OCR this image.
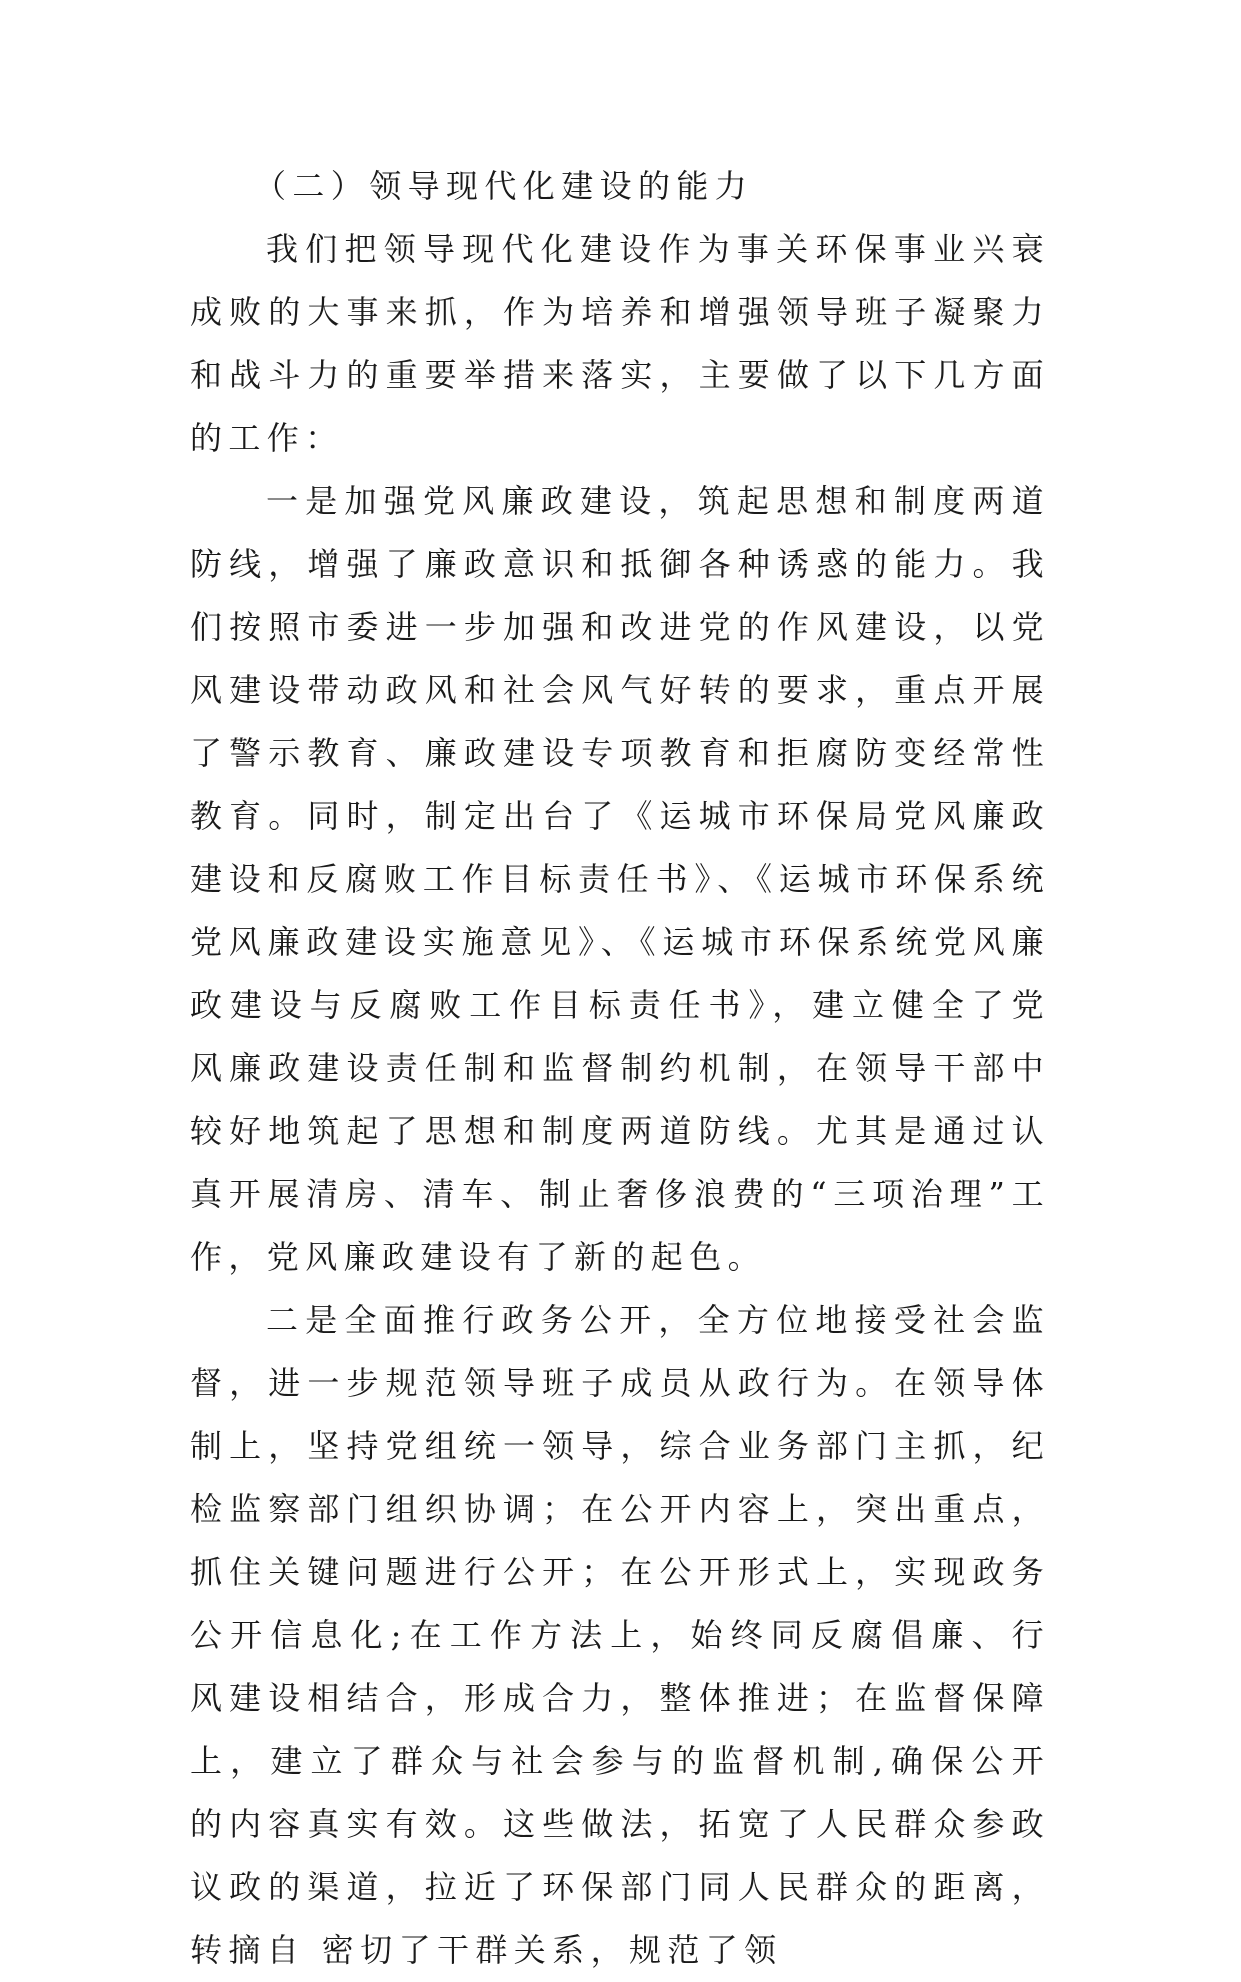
（二）领导现代化建设的能力

我们把领导现代化建设作为事关环保事业兴衰成败的大事来抓，作为培养和增强领导班子凝聚力和战斗力的重要举措来落实，主要做了以下几方面的工作：

一是加强党风廉政建设，筑起思想和制度两道防线，增强了廉政意识和抵御各种诱惑的能力。我们按照市委进一步加强和改进党的作风建设，以党风建设带动政风和社会风气好转的要求，重点开展了警示教育、廉政建设专项教育和拒腐防变经常性教育。同时，制定出台了《运城市环保局党风廉政建设和反腐败工作目标责任书》、《运城市环保系统党风廉政建设实施意见》、《运城市环保系统党风廉政建设与反腐败工作目标责任书》，建立健全了党风廉政建设责任制和监督制约机制，在领导干部中较好地筑起了思想和制度两道防线。尤其是通过认真开展清房、清车、制止奢侈浪费的“三项治理”工作，党风廉政建设有了新的起色。

二是全面推行政务公开，全方位地接受社会监督，进一步规范领导班子成员从政行为。在领导体制上，坚持党组统一领导，综合业务部门主抓，纪检监察部门组织协调；在公开内容上，突出重点，抓住关键问题进行公开；在公开形式上，实现政务公开信息化;在工作方法上，始终同反腐倡廉、行风建设相结合，形成合力，整体推进；在监督保障上，建立了群众与社会参与的监督机制,确保公开的内容真实有效。这些做法，拓宽了人民群众参政议政的渠道，拉近了环保部门同人民群众的距离，转摘自 密切了干群关系，规范了领
